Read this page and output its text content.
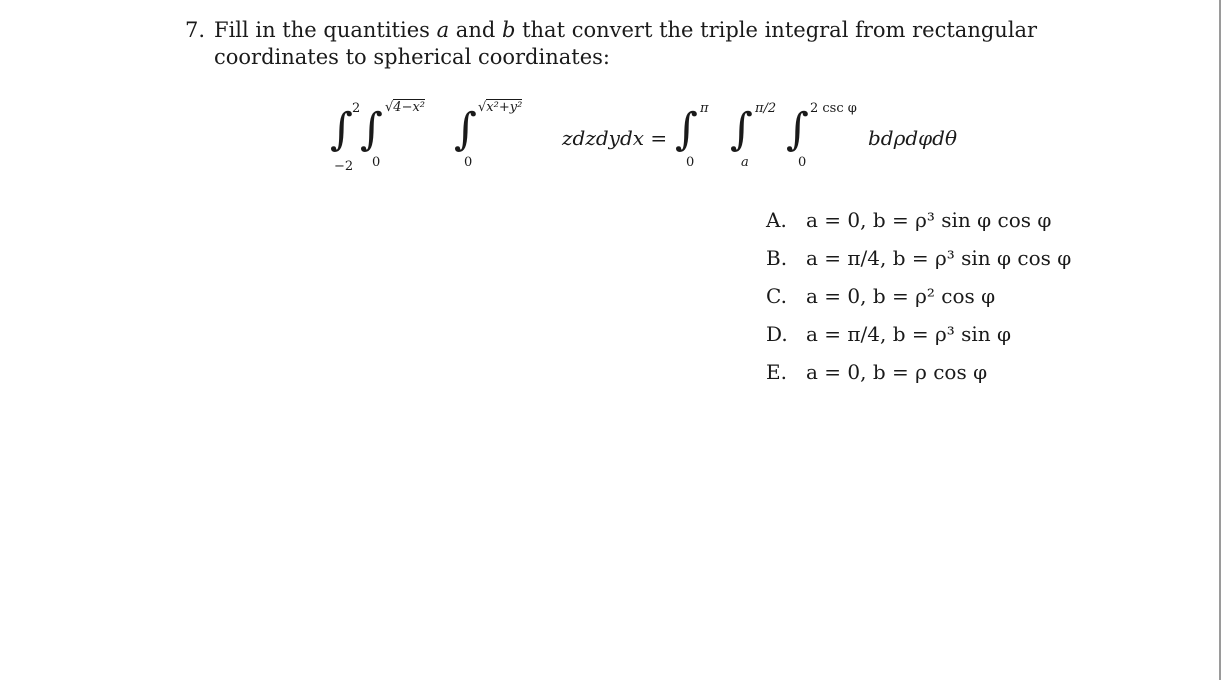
7. Fill in the quantities a and b that convert the triple integral from rectangular
coordinates to spherical coordinates:
∫ 2
−2
∫ √4−x²
0
∫ √x²+y²
0
zdzdydx = ∫ π
0
∫ π/2
a
∫ 2 csc φ
0
bdρdφdθ
A. a = 0, b = ρ³ sin φ cos φ
B. a = π/4, b = ρ³ sin φ cos φ
C. a = 0, b = ρ² cos φ
D. a = π/4, b = ρ³ sin φ
E. a = 0, b = ρ cos φ
